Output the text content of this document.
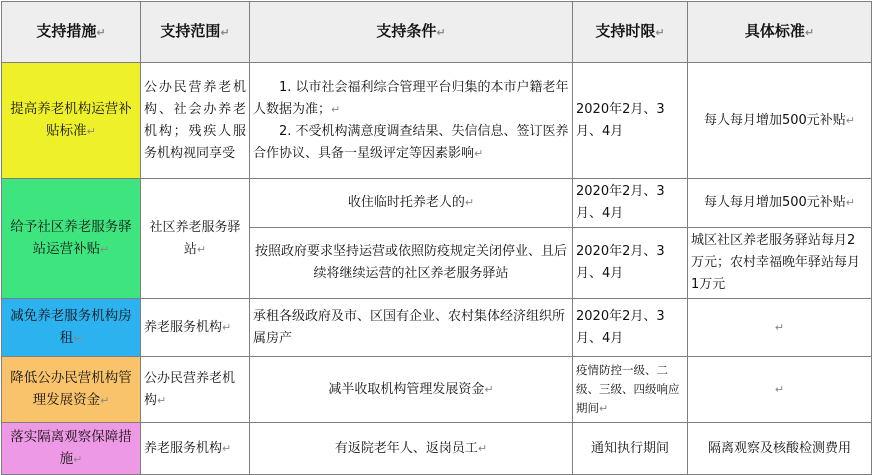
支持措施↵	支持范围↵	支持条件↵	支持时限↵	具体标准↵
提高养老机构运营补贴标准↵	公办民营养老机构、社会办养老机构；残疾人服务机构视同享受	1. 以市社会福利综合管理平台归集的本市户籍老年人数据为准；↵

2. 不受机构满意度调查结果、失信信息、签订医养合作协议、具备一星级评定等因素影响↵	2020年2月、3月、4月	每人每月增加500元补贴↵
给予社区养老服务驿站运营补贴↵	社区养老服务驿站↵	收住临时托养老人的↵	2020年2月、3月、4月	每人每月增加500元补贴↵
		按照政府要求坚持运营或依照防疫规定关闭停业、且后续将继续运营的社区养老服务驿站	2020年2月、3月、4月	城区社区养老服务驿站每月2万元；农村幸福晚年驿站每月1万元
减免养老服务机构房租↵	养老服务机构↵	承租各级政府及市、区国有企业、农村集体经济组织所属房产	2020年2月、3月、4月	↵
降低公办民营机构管理发展资金↵	公办民营养老机构↵	减半收取机构管理发展资金↵	疫情防控一级、二级、三级、四级响应期间↵	↵
落实隔离观察保障措施↵	养老服务机构↵	有返院老年人、返岗员工↵	通知执行期间	隔离观察及核酸检测费用
